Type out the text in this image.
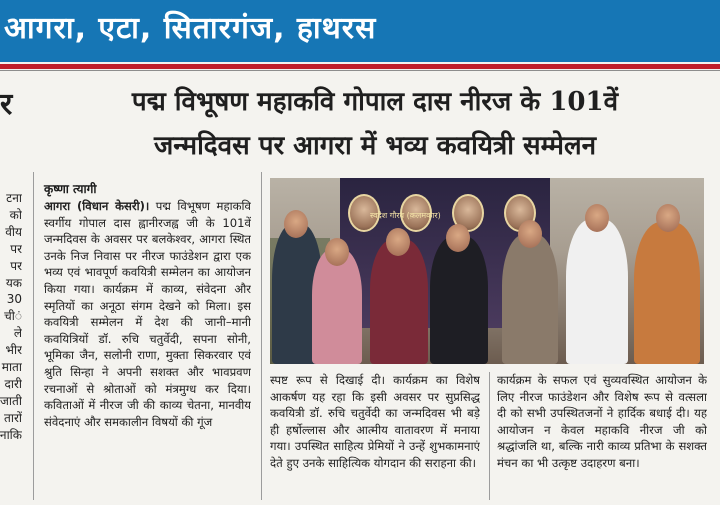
आगरा, एटा, सितारगंज, हाथरस
र	पद्म विभूषण महाकवि गोपाल दास नीरज के 101वें
जन्मदिवस पर आगरा में भव्य कवयित्री सम्मेलन
टना
को
वीय
पर
पर
यक
30
ंची
ले
भीर
माता
दारी
जाती
तारों
नाकि
कृष्णा त्यागी
आगरा (विधान केसरी)। पद्म विभूषण महाकवि स्वर्गीय गोपाल दास ह्वानीरजह्व जी के 101वें जन्मदिवस के अवसर पर बलकेश्वर, आगरा स्थित उनके निज निवास पर नीरज फाउंडेशन द्वारा एक भव्य एवं भावपूर्ण कवयित्री सम्मेलन का आयोजन किया गया। कार्यक्रम में काव्य, संवेदना और स्मृतियों का अनूठा संगम देखने को मिला। इस कवयित्री सम्मेलन में देश की जानी–मानी कवयित्रियों डॉ. रुचि चतुर्वेदी, सपना सोनी, भूमिका जैन, सलोनी राणा, मुक्ता सिकरवार एवं श्रुति सिन्हा ने अपनी सशक्त और भावप्रवण रचनाओं से श्रोताओं को मंत्रमुग्ध कर दिया। कविताओं में नीरज जी की काव्य चेतना, मानवीय संवेदनाएं और समकालीन विषयों की गूंज
स्वदेश गौरव (क़लमकार)
स्पष्ट रूप से दिखाई दी। कार्यक्रम का विशेष आकर्षण यह रहा कि इसी अवसर पर सुप्रसिद्ध कवयित्री डॉ. रुचि चतुर्वेदी का जन्मदिवस भी बड़े ही हर्षोल्लास और आत्मीय वातावरण में मनाया गया। उपस्थित साहित्य प्रेमियों ने उन्हें शुभकामनाएं देते हुए उनके साहित्यिक योगदान की सराहना की।
कार्यक्रम के सफल एवं सुव्यवस्थित आयोजन के लिए नीरज फाउंडेशन और विशेष रूप से वत्सला दी को सभी उपस्थितजनों ने हार्दिक बधाई दी। यह आयोजन न केवल महाकवि नीरज जी को श्रद्धांजलि था, बल्कि नारी काव्य प्रतिभा के सशक्त मंचन का भी उत्कृष्ट उदाहरण बना।
